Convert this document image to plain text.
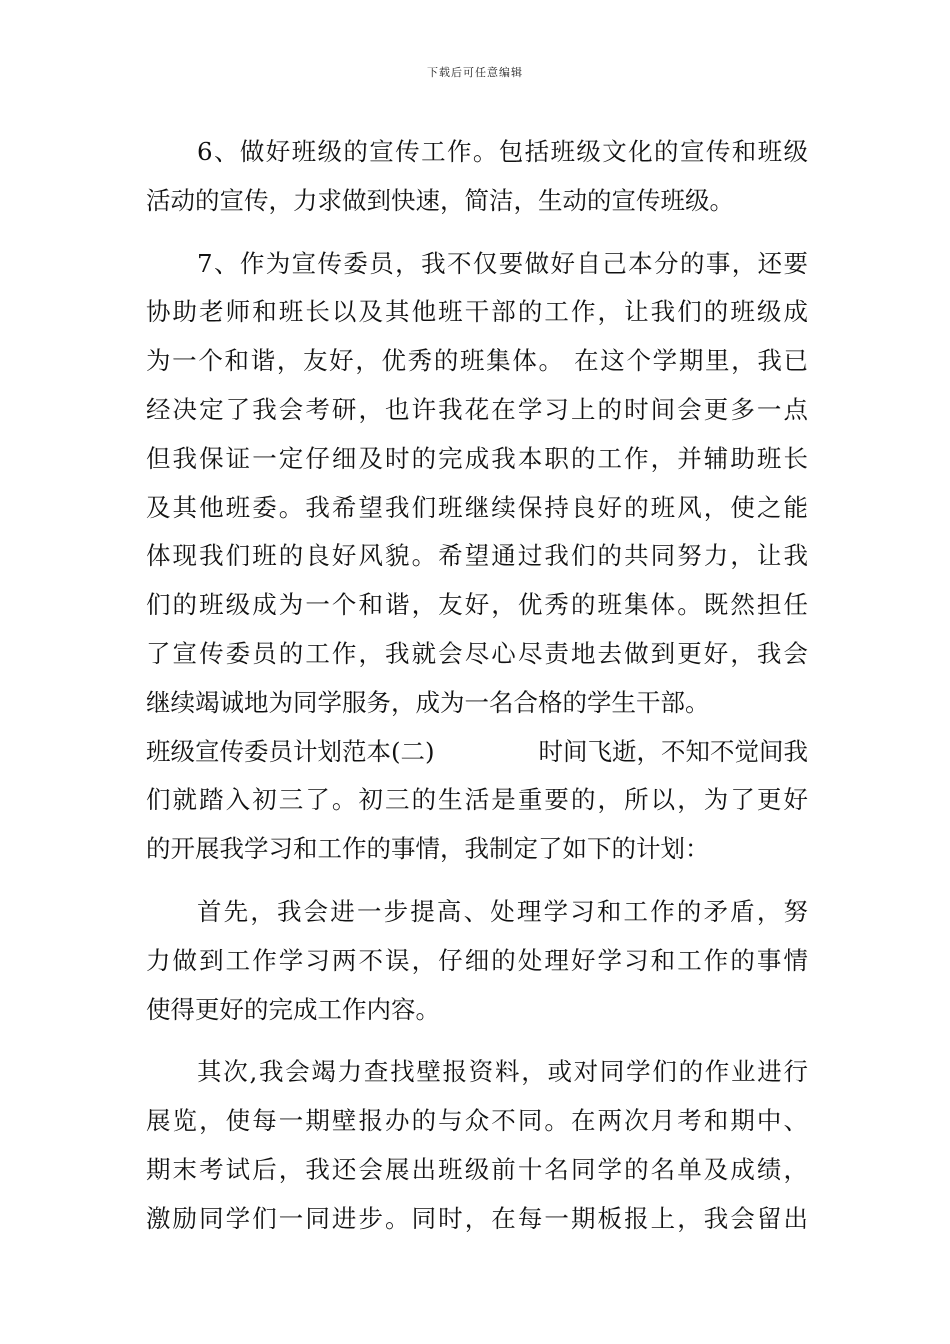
下载后可任意编辑
6、做好班级的宣传工作。包括班级文化的宣传和班级
活动的宣传，力求做到快速，简洁，生动的宣传班级。
7、作为宣传委员，我不仅要做好自己本分的事，还要
协助老师和班长以及其他班干部的工作，让我们的班级成
为一个和谐，友好，优秀的班集体。 在这个学期里，我已
经决定了我会考研，也许我花在学习上的时间会更多一点
但我保证一定仔细及时的完成我本职的工作，并辅助班长
及其他班委。我希望我们班继续保持良好的班风，使之能
体现我们班的良好风貌。希望通过我们的共同努力，让我
们的班级成为一个和谐，友好，优秀的班集体。既然担任
了宣传委员的工作，我就会尽心尽责地去做到更好，我会
继续竭诚地为同学服务，成为一名合格的学生干部。
班级宣传委员计划范本(二)	时间飞逝，不知不觉间我
们就踏入初三了。初三的生活是重要的，所以，为了更好
的开展我学习和工作的事情，我制定了如下的计划：
首先，我会进一步提高、处理学习和工作的矛盾，努
力做到工作学习两不误，仔细的处理好学习和工作的事情
使得更好的完成工作内容。
其次,我会竭力查找壁报资料，或对同学们的作业进行
展览，使每一期壁报办的与众不同。在两次月考和期中、
期末考试后，我还会展出班级前十名同学的名单及成绩，
激励同学们一同进步。同时，在每一期板报上，我会留出
